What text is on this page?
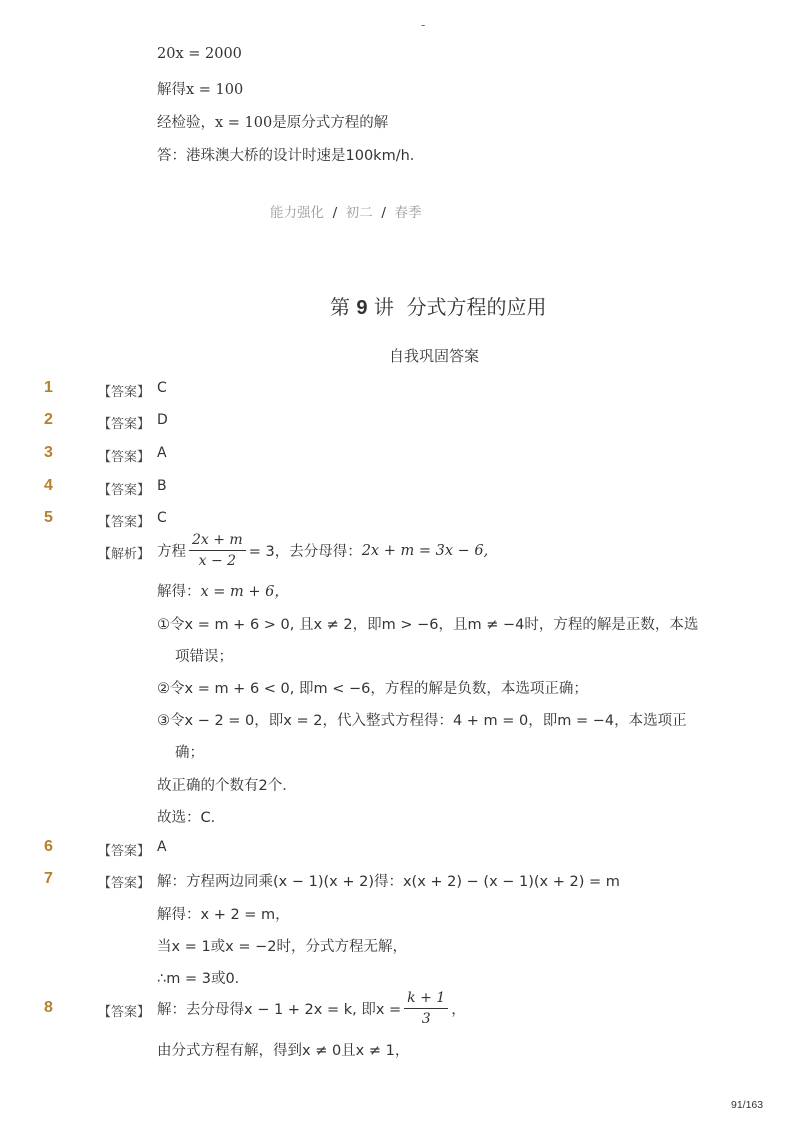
-
20x = 2000
解得x = 100
经检验，x = 100是原分式方程的解
答：港珠澳大桥的设计时速是100km/h．
能力强化 / 初二 / 春季
第 9 讲 分式方程的应用
自我巩固答案
1	【答案】 C
2	【答案】 D
3	【答案】 A
4	【答案】 B
5	【答案】 C
【解析】 方程 $\frac{2x + m}{x - 2} = 3$，去分母得： 2x + m = 3x − 6,
解得：x = m + 6，
①令x = m + 6 > 0, 且x ≠ 2，即m > −6，且m ≠ −4时，方程的解是正数，本选
项错误；
②令x = m + 6 < 0, 即m < −6，方程的解是负数，本选项正确；
③令x − 2 = 0，即x = 2，代入整式方程得：4 + m = 0，即m = −4，本选项正
确；
故正确的个数有2个．
故选：C．
6	【答案】 A
7	【答案】 解：方程两边同乘(x − 1)(x + 2)得：x(x + 2) − (x − 1)(x + 2) = m
解得：x + 2 = m，
当x = 1或x = −2时，分式方程无解，
∴m = 3或0．
8	【答案】 解：去分母得x − 1 + 2x = k, 即$x = \frac{k + 1}{3}$ ，
由分式方程有解，得到x ≠ 0且x ≠ 1，
91/163
